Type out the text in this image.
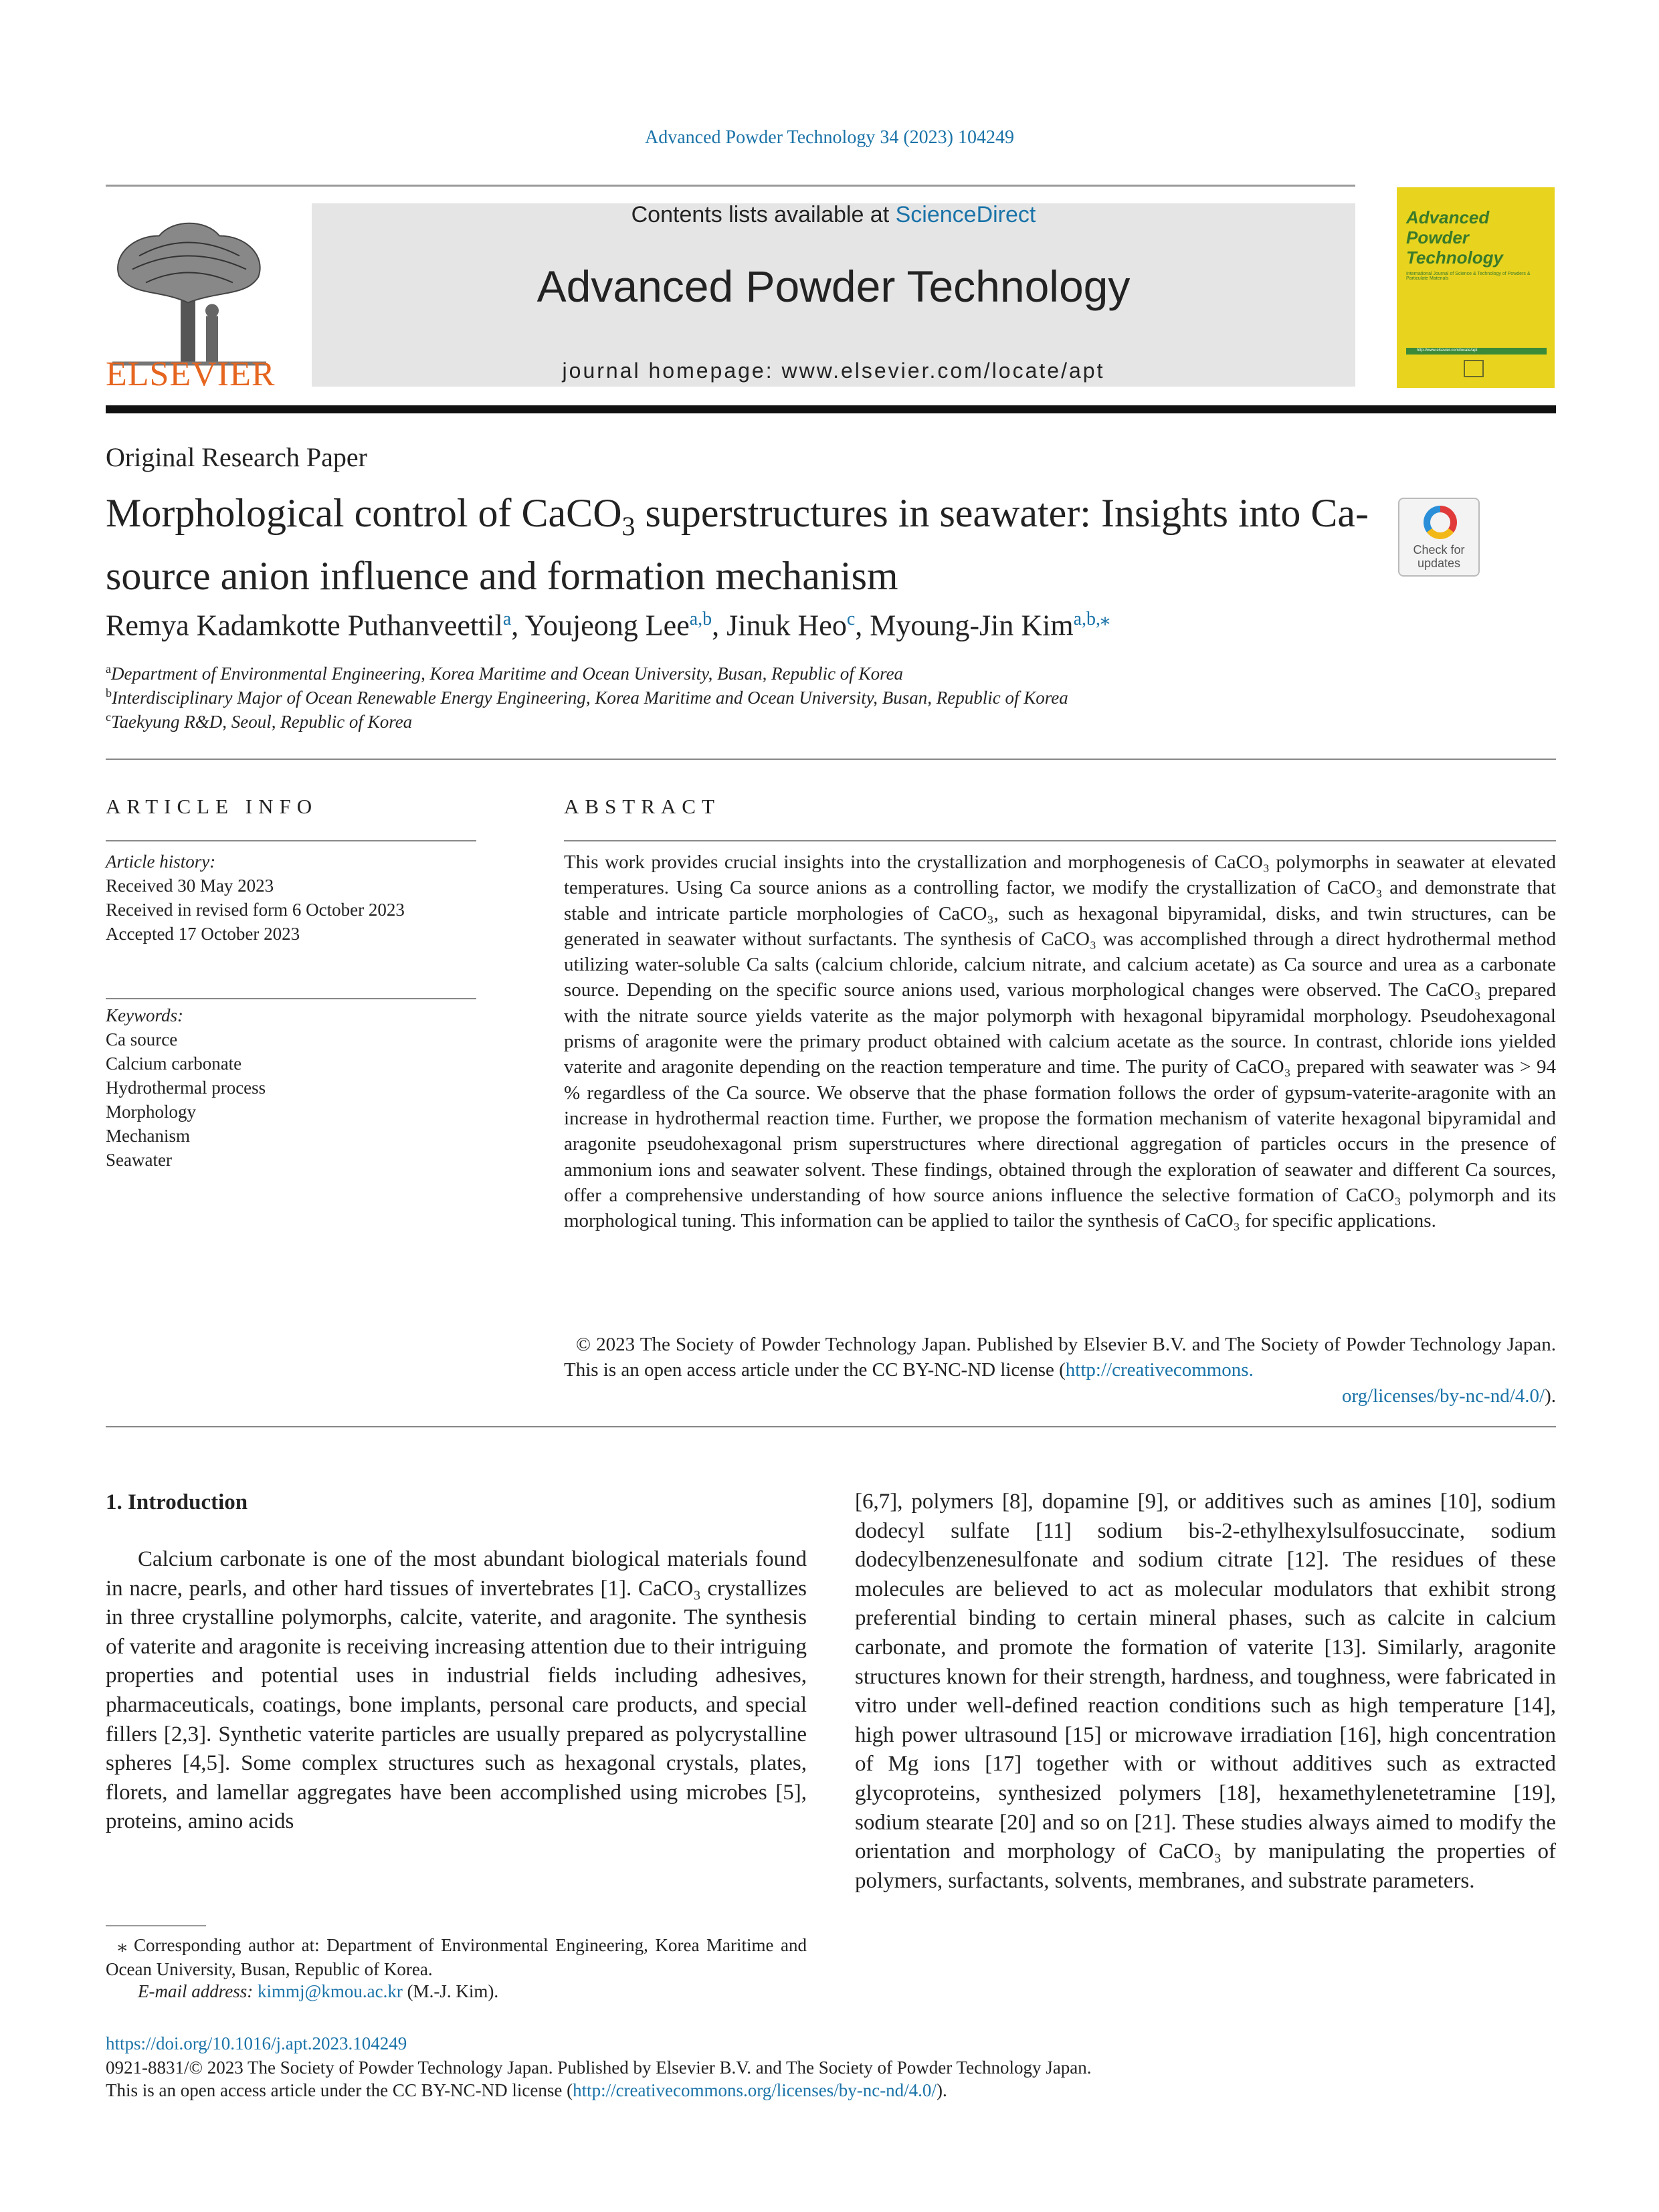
Advanced Powder Technology 34 (2023) 104249
ELSEVIER
Contents lists available at ScienceDirect
Advanced Powder Technology
journal homepage: www.elsevier.com/locate/apt
Advanced Powder Technology
International Journal of Science & Technology of Powders & Particulate Materials
http://www.elsevier.com/locate/apt
Original Research Paper
Morphological control of CaCO$_3$ superstructures in seawater: Insights into Ca-source anion influence and formation mechanism
Check for updates
Remya Kadamkotte Puthanveettil$^a$, Youjeong Lee$^{a,b}$, Jinuk Heo$^c$, Myoung-Jin Kim$^{a,b,⁎}$
$^a$Department of Environmental Engineering, Korea Maritime and Ocean University, Busan, Republic of Korea
$^b$Interdisciplinary Major of Ocean Renewable Energy Engineering, Korea Maritime and Ocean University, Busan, Republic of Korea
$^c$Taekyung R&D, Seoul, Republic of Korea
ARTICLE INFO	ABSTRACT
Article history:
Received 30 May 2023
Received in revised form 6 October 2023
Accepted 17 October 2023
Keywords:
Ca source
Calcium carbonate
Hydrothermal process
Morphology
Mechanism
Seawater
This work provides crucial insights into the crystallization and morphogenesis of CaCO₃ polymorphs in seawater at elevated temperatures. Using Ca source anions as a controlling factor, we modify the crystallization of CaCO₃ and demonstrate that stable and intricate particle morphologies of CaCO₃, such as hexagonal bipyramidal, disks, and twin structures, can be generated in seawater without surfactants. The synthesis of CaCO₃ was accomplished through a direct hydrothermal method utilizing water-soluble Ca salts (calcium chloride, calcium nitrate, and calcium acetate) as Ca source and urea as a carbonate source. Depending on the specific source anions used, various morphological changes were observed. The CaCO₃ prepared with the nitrate source yields vaterite as the major polymorph with hexagonal bipyramidal morphology. Pseudohexagonal prisms of aragonite were the primary product obtained with calcium acetate as the source. In contrast, chloride ions yielded vaterite and aragonite depending on the reaction temperature and time. The purity of CaCO₃ prepared with seawater was > 94 % regardless of the Ca source. We observe that the phase formation follows the order of gypsum-vaterite-aragonite with an increase in hydrothermal reaction time. Further, we propose the formation mechanism of vaterite hexagonal bipyramidal and aragonite pseudohexagonal prism superstructures where directional aggregation of particles occurs in the presence of ammonium ions and seawater solvent. These findings, obtained through the exploration of seawater and different Ca sources, offer a comprehensive understanding of how source anions influence the selective formation of CaCO₃ polymorph and its morphological tuning. This information can be applied to tailor the synthesis of CaCO₃ for specific applications.
© 2023 The Society of Powder Technology Japan. Published by Elsevier B.V. and The Society of Powder Technology Japan. This is an open access article under the CC BY-NC-ND license (http://creativecommons.
org/licenses/by-nc-nd/4.0/).
1. Introduction
Calcium carbonate is one of the most abundant biological materials found in nacre, pearls, and other hard tissues of invertebrates [1]. CaCO₃ crystallizes in three crystalline polymorphs, calcite, vaterite, and aragonite. The synthesis of vaterite and aragonite is receiving increasing attention due to their intriguing properties and potential uses in industrial fields including adhesives, pharmaceuticals, coatings, bone implants, personal care products, and special fillers [2,3]. Synthetic vaterite particles are usually prepared as polycrystalline spheres [4,5]. Some complex structures such as hexagonal crystals, plates, florets, and lamellar aggregates have been accomplished using microbes [5], proteins, amino acids
[6,7], polymers [8], dopamine [9], or additives such as amines [10], sodium dodecyl sulfate [11] sodium bis-2-ethylhexylsulfosuccinate, sodium dodecylbenzenesulfonate and sodium citrate [12]. The residues of these molecules are believed to act as molecular modulators that exhibit strong preferential binding to certain mineral phases, such as calcite in calcium carbonate, and promote the formation of vaterite [13]. Similarly, aragonite structures known for their strength, hardness, and toughness, were fabricated in vitro under well-defined reaction conditions such as high temperature [14], high power ultrasound [15] or microwave irradiation [16], high concentration of Mg ions [17] together with or without additives such as extracted glycoproteins, synthesized polymers [18], hexamethylenetetramine [19], sodium stearate [20] and so on [21]. These studies always aimed to modify the orientation and morphology of CaCO₃ by manipulating the properties of polymers, surfactants, solvents, membranes, and substrate parameters.
⁎ Corresponding author at: Department of Environmental Engineering, Korea Maritime and Ocean University, Busan, Republic of Korea.
E-mail address: kimmj@kmou.ac.kr (M.-J. Kim).
https://doi.org/10.1016/j.apt.2023.104249
0921-8831/© 2023 The Society of Powder Technology Japan. Published by Elsevier B.V. and The Society of Powder Technology Japan.
This is an open access article under the CC BY-NC-ND license (http://creativecommons.org/licenses/by-nc-nd/4.0/).
